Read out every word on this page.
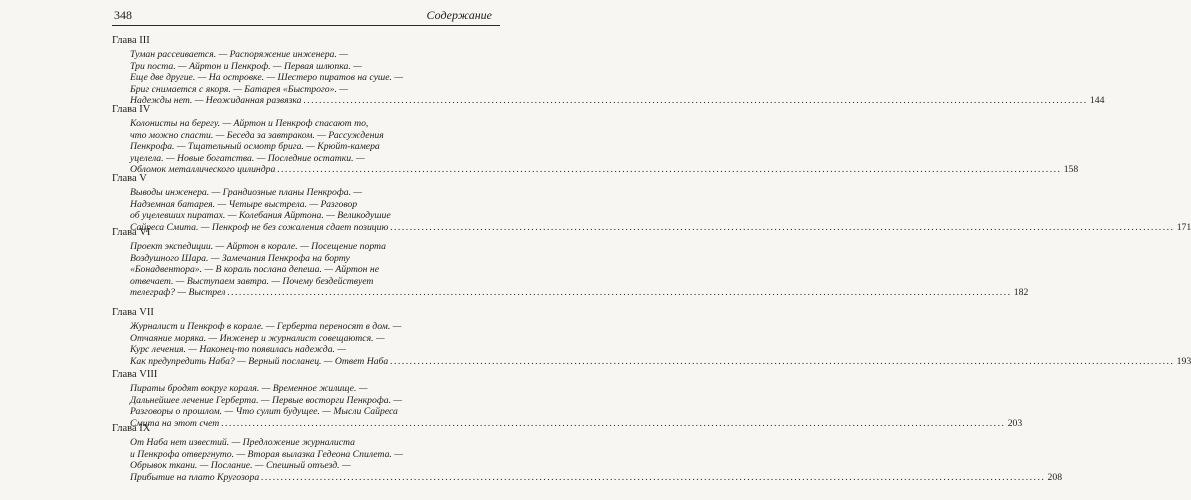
348	Содержание
Глава III
Туман рассеивается. — Распоряжение инженера. —
Три поста. — Айртон и Пенкроф. — Первая шлюпка. —
Еще две другие. — На островке. — Шестеро пиратов на суше. —
Бриг снимается с якоря. — Батарея «Быстрого». —
Надежды нет. — Неожиданная развязка ........................................................................................................................................................................................................ 144
Глава IV
Колонисты на берегу. — Айртон и Пенкроф спасают то,
что можно спасти. — Беседа за завтраком. — Рассуждения
Пенкрофа. — Тщательный осмотр брига. — Крюйт-камера
уцелела. — Новые богатства. — Последние остатки. —
Обломок металлического цилиндра ........................................................................................................................................................................................................ 158
Глава V
Выводы инженера. — Грандиозные планы Пенкрофа. —
Надземная батарея. — Четыре выстрела. — Разговор
об уцелевших пиратах. — Колебания Айртона. — Великодушие
Сайреса Смита. — Пенкроф не без сожаления сдает позицию ........................................................................................................................................................................................................ 171
Глава VI
Проект экспедиции. — Айртон в корале. — Посещение порта
Воздушного Шара. — Замечания Пенкрофа на борту
«Бонадвентора». — В кораль послана депеша. — Айртон не
отвечает. — Выступаем завтра. — Почему бездействует
телеграф? — Выстрел ........................................................................................................................................................................................................ 182
Глава VII
Журналист и Пенкроф в корале. — Герберта переносят в дом. —
Отчаяние моряка. — Инженер и журналист совещаются. —
Курс лечения. — Наконец-то появилась надежда. —
Как предупредить Наба? — Верный посланец. — Ответ Наба ........................................................................................................................................................................................................ 193
Глава VIII
Пираты бродят вокруг кораля. — Временное жилище. —
Дальнейшее лечение Герберта. — Первые восторги Пенкрофа. —
Разговоры о прошлом. — Что сулит будущее. — Мысли Сайреса
Смита на этот счет ........................................................................................................................................................................................................ 203
Глава IX
От Наба нет известий. — Предложение журналиста
и Пенкрофа отвергнуто. — Вторая вылазка Гедеона Спилета. —
Обрывок ткани. — Послание. — Спешный отъезд. —
Прибытие на плато Кругозора ........................................................................................................................................................................................................ 208
